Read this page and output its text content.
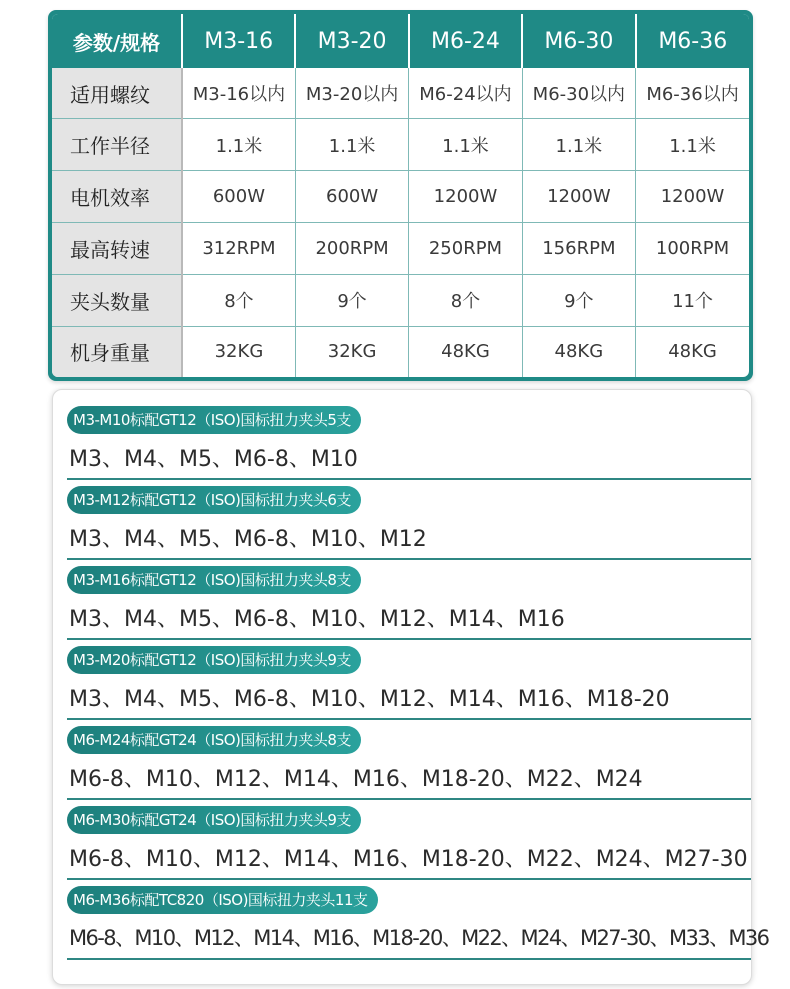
参数/规格	M3-16	M3-20	M6-24	M6-30	M6-36
适用螺纹	M3-16以内	M3-20以内	M6-24以内	M6-30以内	M6-36以内
工作半径	1.1米	1.1米	1.1米	1.1米	1.1米
电机效率	600W	600W	1200W	1200W	1200W
最高转速	312RPM	200RPM	250RPM	156RPM	100RPM
夹头数量	8个	9个	8个	9个	11个
机身重量	32KG	32KG	48KG	48KG	48KG
M3-M10标配GT12（ISO)国标扭力夹头5支
M3、M4、M5、M6-8、M10
M3-M12标配GT12（ISO)国标扭力夹头6支
M3、M4、M5、M6-8、M10、M12
M3-M16标配GT12（ISO)国标扭力夹头8支
M3、M4、M5、M6-8、M10、M12、M14、M16
M3-M20标配GT12（ISO)国标扭力夹头9支
M3、M4、M5、M6-8、M10、M12、M14、M16、M18-20
M6-M24标配GT24（ISO)国标扭力夹头8支
M6-8、M10、M12、M14、M16、M18-20、M22、M24
M6-M30标配GT24（ISO)国标扭力夹头9支
M6-8、M10、M12、M14、M16、M18-20、M22、M24、M27-30
M6-M36标配TC820（ISO)国标扭力夹头11支
M6-8、M10、M12、M14、M16、M18-20、M22、M24、M27-30、M33、M36
